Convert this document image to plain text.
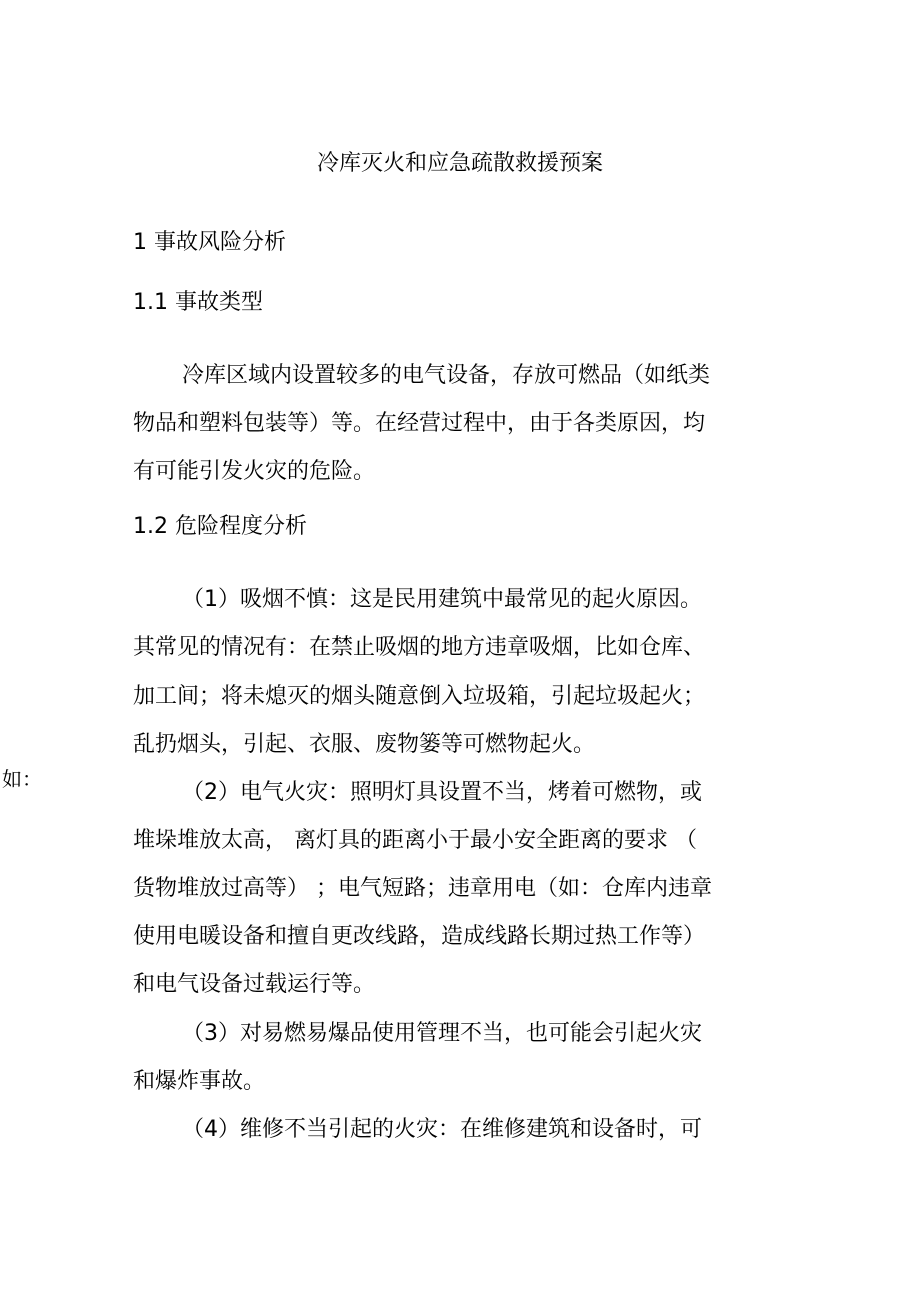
冷库灭火和应急疏散救援预案
1 事故风险分析
1.1 事故类型
冷库区域内设置较多的电气设备，存放可燃品（如纸类
物品和塑料包装等）等。在经营过程中，由于各类原因，均
有可能引发火灾的危险。
1.2 危险程度分析
（1）吸烟不慎：这是民用建筑中最常见的起火原因。
其常见的情况有：在禁止吸烟的地方违章吸烟，比如仓库、
加工间；将未熄灭的烟头随意倒入垃圾箱，引起垃圾起火；
乱扔烟头，引起、衣服、废物篓等可燃物起火。
如：
（2）电气火灾：照明灯具设置不当，烤着可燃物，或
堆垛堆放太高， 离灯具的距离小于最小安全距离的要求 （
货物堆放过高等） ；电气短路；违章用电（如：仓库内违章
使用电暖设备和擅自更改线路，造成线路长期过热工作等）
和电气设备过载运行等。
（3）对易燃易爆品使用管理不当，也可能会引起火灾
和爆炸事故。
（4）维修不当引起的火灾：在维修建筑和设备时，可
